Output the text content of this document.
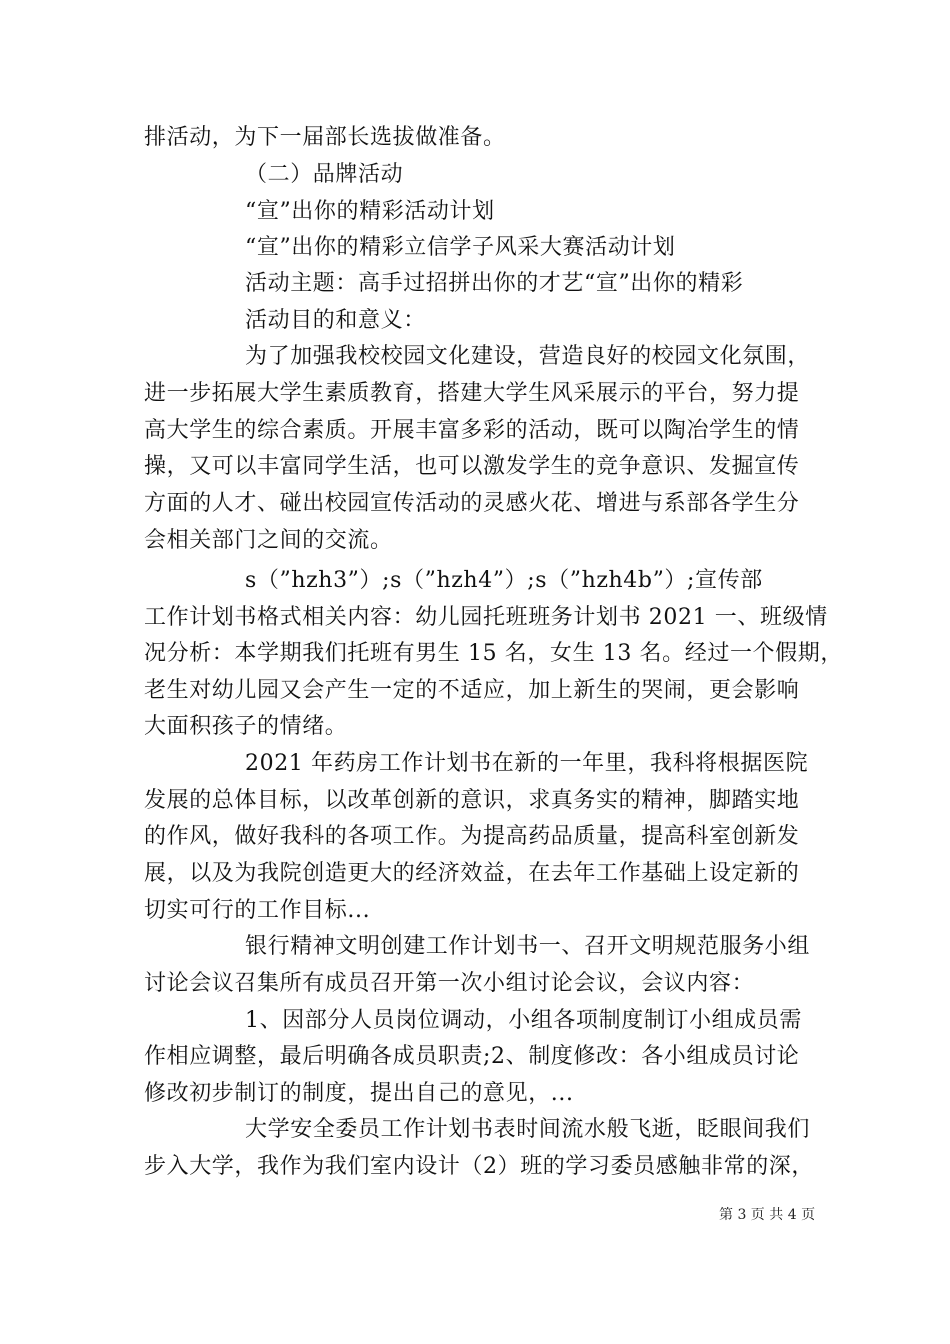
排活动，为下一届部长选拔做准备。
（二）品牌活动
“宣”出你的精彩活动计划
“宣”出你的精彩立信学子风采大赛活动计划
活动主题：高手过招拼出你的才艺“宣”出你的精彩
活动目的和意义：
为了加强我校校园文化建设，营造良好的校园文化氛围，
进一步拓展大学生素质教育，搭建大学生风采展示的平台，努力提
高大学生的综合素质。开展丰富多彩的活动，既可以陶冶学生的情
操，又可以丰富同学生活，也可以激发学生的竞争意识、发掘宣传
方面的人才、碰出校园宣传活动的灵感火花、增进与系部各学生分
会相关部门之间的交流。
s（”hzh3”）;s（”hzh4”）;s（”hzh4b”）;宣传部
工作计划书格式相关内容：幼儿园托班班务计划书 2021 一、班级情
况分析：本学期我们托班有男生 15 名，女生 13 名。经过一个假期，
老生对幼儿园又会产生一定的不适应，加上新生的哭闹，更会影响
大面积孩子的情绪。
2021 年药房工作计划书在新的一年里，我科将根据医院
发展的总体目标，以改革创新的意识，求真务实的精神，脚踏实地
的作风，做好我科的各项工作。为提高药品质量，提高科室创新发
展，以及为我院创造更大的经济效益，在去年工作基础上设定新的
切实可行的工作目标...
银行精神文明创建工作计划书一、召开文明规范服务小组
讨论会议召集所有成员召开第一次小组讨论会议，会议内容：
1、因部分人员岗位调动，小组各项制度制订小组成员需
作相应调整，最后明确各成员职责;2、制度修改：各小组成员讨论
修改初步制订的制度，提出自己的意见，...
大学安全委员工作计划书表时间流水般飞逝，眨眼间我们
步入大学，我作为我们室内设计（2）班的学习委员感触非常的深，
第 3 页 共 4 页
